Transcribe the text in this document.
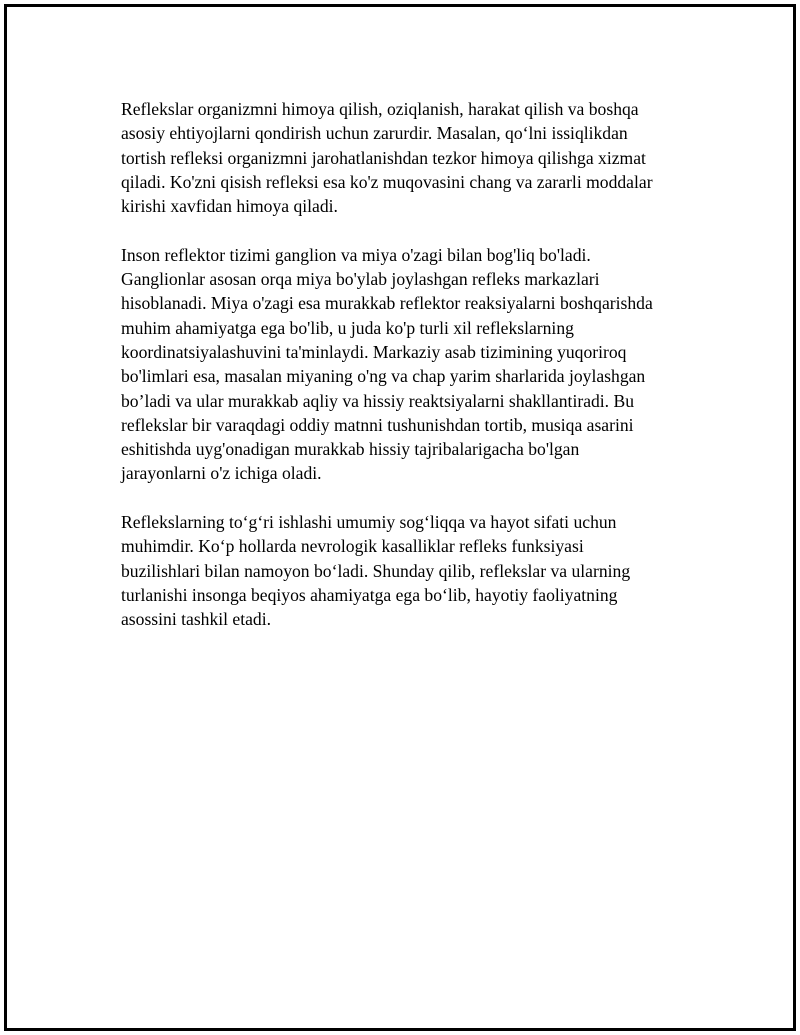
Reflekslar organizmni himoya qilish, oziqlanish, harakat qilish va boshqa
asosiy ehtiyojlarni qondirish uchun zarurdir. Masalan, qo‘lni issiqlikdan
tortish refleksi organizmni jarohatlanishdan tezkor himoya qilishga xizmat
qiladi. Ko'zni qisish refleksi esa ko'z muqovasini chang va zararli moddalar
kirishi xavfidan himoya qiladi.
Inson reflektor tizimi ganglion va miya o'zagi bilan bog'liq bo'ladi.
Ganglionlar asosan orqa miya bo'ylab joylashgan refleks markazlari
hisoblanadi. Miya o'zagi esa murakkab reflektor reaksiyalarni boshqarishda
muhim ahamiyatga ega bo'lib, u juda ko'p turli xil reflekslarning
koordinatsiyalashuvini ta'minlaydi. Markaziy asab tizimining yuqoriroq
bo'limlari esa, masalan miyaning o'ng va chap yarim sharlarida joylashgan
bo’ladi va ular murakkab aqliy va hissiy reaktsiyalarni shakllantiradi. Bu
reflekslar bir varaqdagi oddiy matnni tushunishdan tortib, musiqa asarini
eshitishda uyg'onadigan murakkab hissiy tajribalarigacha bo'lgan
jarayonlarni o'z ichiga oladi.
Reflekslarning to‘g‘ri ishlashi umumiy sog‘liqqa va hayot sifati uchun
muhimdir. Ko‘p hollarda nevrologik kasalliklar refleks funksiyasi
buzilishlari bilan namoyon bo‘ladi. Shunday qilib, reflekslar va ularning
turlanishi insonga beqiyos ahamiyatga ega bo‘lib, hayotiy faoliyatning
asossini tashkil etadi.
